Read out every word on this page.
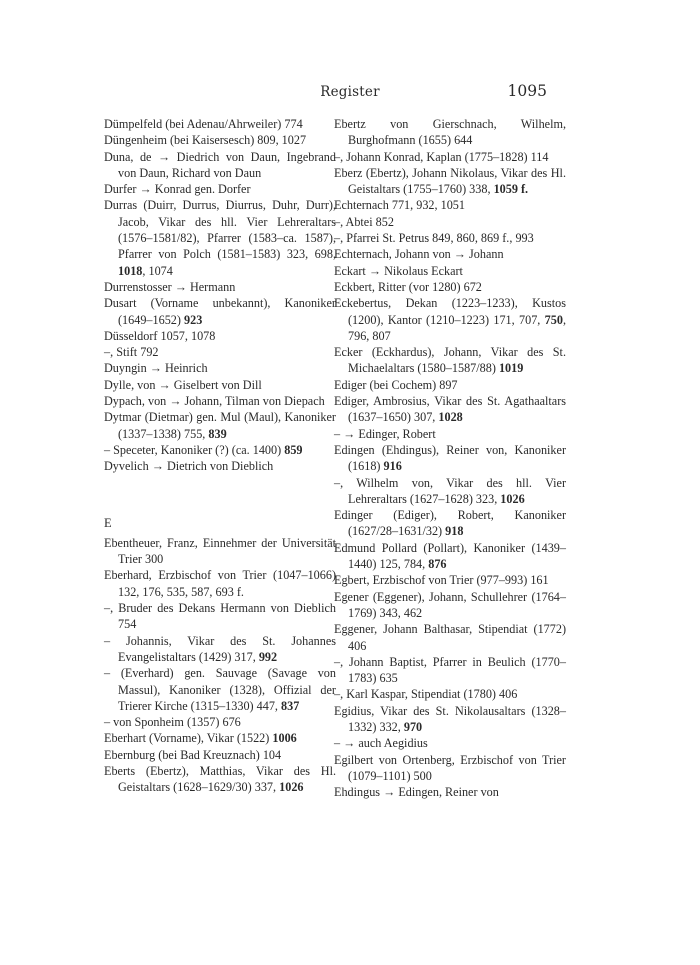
Register	1095

Dümpelfeld (bei Adenau/Ahrweiler) 774

Düngenheim (bei Kaisersesch) 809, 1027

Duna, de → Diedrich von Daun, Ingebrand von Daun, Richard von Daun

Durfer → Konrad gen. Dorfer

Durras (Duirr, Durrus, Diurrus, Duhr, Durr), Jacob, Vikar des hll. Vier Lehreraltars (1576–1581/82), Pfarrer (1583–ca. 1587), Pfarrer von Polch (1581–1583) 323, 698, 1018, 1074

Durrenstosser → Hermann

Dusart (Vorname unbekannt), Kanoniker (1649–1652) 923

Düsseldorf 1057, 1078

–, Stift 792

Duyngin → Heinrich

Dylle, von → Giselbert von Dill

Dypach, von → Johann, Tilman von Diepach

Dytmar (Dietmar) gen. Mul (Maul), Kanoniker (1337–1338) 755, 839

– Speceter, Kanoniker (?) (ca. 1400) 859

Dyvelich → Dietrich von Dieblich

E

Ebentheuer, Franz, Einnehmer der Universität Trier 300

Eberhard, Erzbischof von Trier (1047–1066) 132, 176, 535, 587, 693 f.

–, Bruder des Dekans Hermann von Dieblich 754

– Johannis, Vikar des St. Johannes Evangelistaltars (1429) 317, 992

– (Everhard) gen. Sauvage (Savage von Massul), Kanoniker (1328), Offizial der Trierer Kirche (1315–1330) 447, 837

– von Sponheim (1357) 676

Eberhart (Vorname), Vikar (1522) 1006

Ebernburg (bei Bad Kreuznach) 104

Eberts (Ebertz), Matthias, Vikar des Hl. Geistaltars (1628–1629/30) 337, 1026

Ebertz von Gierschnach, Wilhelm, Burghofmann (1655) 644

–, Johann Konrad, Kaplan (1775–1828) 114

Eberz (Ebertz), Johann Nikolaus, Vikar des Hl. Geistaltars (1755–1760) 338, 1059 f.

Echternach 771, 932, 1051

–, Abtei 852

–, Pfarrei St. Petrus 849, 860, 869 f., 993

Echternach, Johann von → Johann

Eckart → Nikolaus Eckart

Eckbert, Ritter (vor 1280) 672

Eckebertus, Dekan (1223–1233), Kustos (1200), Kantor (1210–1223) 171, 707, 750, 796, 807

Ecker (Eckhardus), Johann, Vikar des St. Michaelaltars (1580–1587/88) 1019

Ediger (bei Cochem) 897

Ediger, Ambrosius, Vikar des St. Agathaaltars (1637–1650) 307, 1028

– → Edinger, Robert

Edingen (Ehdingus), Reiner von, Kanoniker (1618) 916

–, Wilhelm von, Vikar des hll. Vier Lehreraltars (1627–1628) 323, 1026

Edinger (Ediger), Robert, Kanoniker (1627/28–1631/32) 918

Edmund Pollard (Pollart), Kanoniker (1439–1440) 125, 784, 876

Egbert, Erzbischof von Trier (977–993) 161

Egener (Eggener), Johann, Schullehrer (1764–1769) 343, 462

Eggener, Johann Balthasar, Stipendiat (1772) 406

–, Johann Baptist, Pfarrer in Beulich (1770–1783) 635

–, Karl Kaspar, Stipendiat (1780) 406

Egidius, Vikar des St. Nikolausaltars (1328–1332) 332, 970

– → auch Aegidius

Egilbert von Ortenberg, Erzbischof von Trier (1079–1101) 500

Ehdingus → Edingen, Reiner von
